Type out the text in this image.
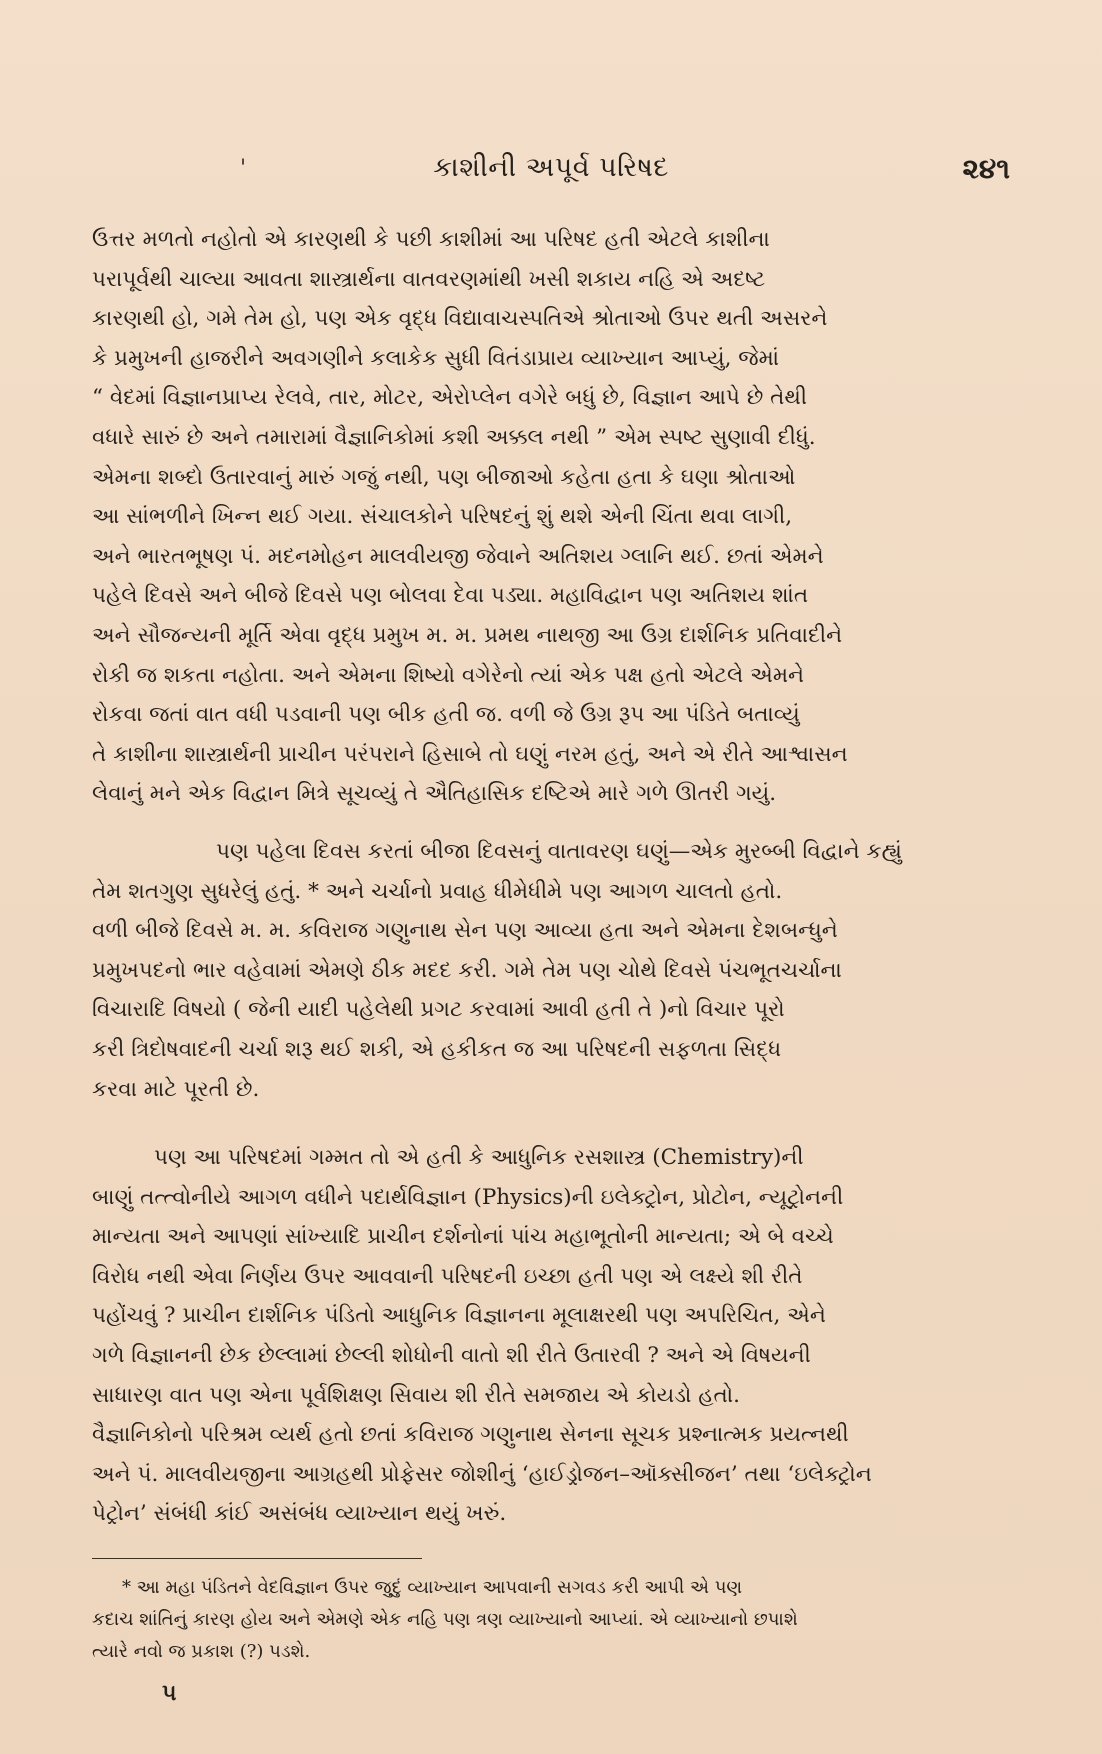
'	કાશીની અપૂર્વ પરિષદ	૨૪૧
ઉત્તર મળતો નહોતો એ કારણથી કે પછી કાશીમાં આ પરિષદ હતી એટલે કાશીના
પરાપૂર્વથી ચાલ્યા આવતા શાસ્ત્રાર્થના વાતવરણમાંથી ખસી શકાય નહિ એ અદષ્ટ
કારણથી હો, ગમે તેમ હો, પણ એક વૃદ્ધ વિદ્યાવાચસ્પતિએ શ્રોતાઓ ઉપર થતી અસરને
કે પ્રમુખની હાજરીને અવગણીને કલાકેક સુધી વિતંડાપ્રાય વ્યાખ્યાન આપ્યું, જેમાં
“ વેદમાં વિજ્ઞાનપ્રાપ્ય રેલવે, તાર, મોટર, એરોપ્લેન વગેરે બધું છે, વિજ્ઞાન આપે છે તેથી
વધારે સારું છે અને તમારામાં વૈજ્ઞાનિકોમાં કશી અક્કલ નથી ” એમ સ્પષ્ટ સુણાવી દીધું.
એમના શબ્દો ઉતારવાનું મારું ગજું નથી, પણ બીજાઓ કહેતા હતા કે ઘણા શ્રોતાઓ
આ સાંભળીને ખિન્ન થઈ ગયા. સંચાલકોને પરિષદનું શું થશે એની ચિંતા થવા લાગી,
અને ભારતભૂષણ પં. મદનમોહન માલવીયજી જેવાને અતિશય ગ્લાનિ થઈ. છતાં એમને
પહેલે દિવસે અને બીજે દિવસે પણ બોલવા દેવા પડ્યા. મહાવિદ્વાન પણ અતિશય શાંત
અને સૌજન્યની મૂર્તિ એવા વૃદ્ધ પ્રમુખ મ. મ. પ્રમથ નાથજી આ ઉગ્ર દાર્શનિક પ્રતિવાદીને
રોકી જ શકતા નહોતા. અને એમના શિષ્યો વગેરેનો ત્યાં એક પક્ષ હતો એટલે એમને
રોકવા જતાં વાત વધી પડવાની પણ બીક હતી જ. વળી જે ઉગ્ર રૂપ આ પંડિતે બતાવ્યું
તે કાશીના શાસ્ત્રાર્થની પ્રાચીન પરંપરાને હિસાબે તો ઘણું નરમ હતું, અને એ રીતે આશ્વાસન
લેવાનું મને એક વિદ્વાન મિત્રે સૂચવ્યું તે ઐતિહાસિક દષ્ટિએ મારે ગળે ઊતરી ગયું.
પણ પહેલા દિવસ કરતાં બીજા દિવસનું વાતાવરણ ઘણું—એક મુરબ્બી વિદ્વાને કહ્યું
તેમ શતગુણ સુધરેલું હતું. * અને ચર્ચાનો પ્રવાહ ધીમેધીમે પણ આગળ ચાલતો હતો.
વળી બીજે દિવસે મ. મ. કવિરાજ ગણુનાથ સેન પણ આવ્યા હતા અને એમના દેશબન્ધુને
પ્રમુખપદનો ભાર વહેવામાં એમણે ઠીક મદદ કરી. ગમે તેમ પણ ચોથે દિવસે પંચભૂતચર્ચાના
વિચારાદિ વિષયો ( જેની યાદી પહેલેથી પ્રગટ કરવામાં આવી હતી તે )નો વિચાર પૂરો
કરી ત્રિદોષવાદની ચર્ચા શરૂ થઈ શકી, એ હકીકત જ આ પરિષદની સફળતા સિદ્ધ
કરવા માટે પૂરતી છે.
પણ આ પરિષદમાં ગમ્મત તો એ હતી કે આધુનિક રસશાસ્ત્ર (Chemistry)ની
બાણું તત્ત્વોનીયે આગળ વધીને પદાર્થવિજ્ઞાન (Physics)ની ઇલેક્ટ્રોન, પ્રોટોન, ન્યૂટ્રોનની
માન્યતા અને આપણાં સાંખ્યાદિ પ્રાચીન દર્શનોનાં પાંચ મહાભૂતોની માન્યતા; એ બે વચ્ચે
વિરોધ નથી એવા નિર્ણય ઉપર આવવાની પરિષદની ઇચ્છા હતી પણ એ લક્ષ્યે શી રીતે
પહોંચવું ? પ્રાચીન દાર્શનિક પંડિતો આધુનિક વિજ્ઞાનના મૂલાક્ષરથી પણ અપરિચિત, એને
ગળે વિજ્ઞાનની છેક છેલ્લામાં છેલ્લી શોધોની વાતો શી રીતે ઉતારવી ? અને એ વિષયની
સાધારણ વાત પણ એના પૂર્વશિક્ષણ સિવાય શી રીતે સમજાય એ કોયડો હતો.
વૈજ્ઞાનિકોનો પરિશ્રમ વ્યર્થ હતો છતાં કવિરાજ ગણુનાથ સેનના સૂચક પ્રશ્નાત્મક પ્રયત્નથી
અને પં. માલવીયજીના આગ્રહથી પ્રોફેસર જોશીનું ‘હાઈડ્રોજન–ઑક્સીજન’ તથા ‘ઇલેક્ટ્રોન
પેટ્રોન’ સંબંધી કાંઈ અસંબંધ વ્યાખ્યાન થયું ખરું.
* આ મહા પંડિતને વેદવિજ્ઞાન ઉપર જુદું વ્યાખ્યાન આપવાની સગવડ કરી આપી એ પણ
કદાચ શાંતિનું કારણ હોય અને એમણે એક નહિ પણ ત્રણ વ્યાખ્યાનો આપ્યાં. એ વ્યાખ્યાનો છપાશે
ત્યારે નવો જ પ્રકાશ (?) પડશે.
૫
